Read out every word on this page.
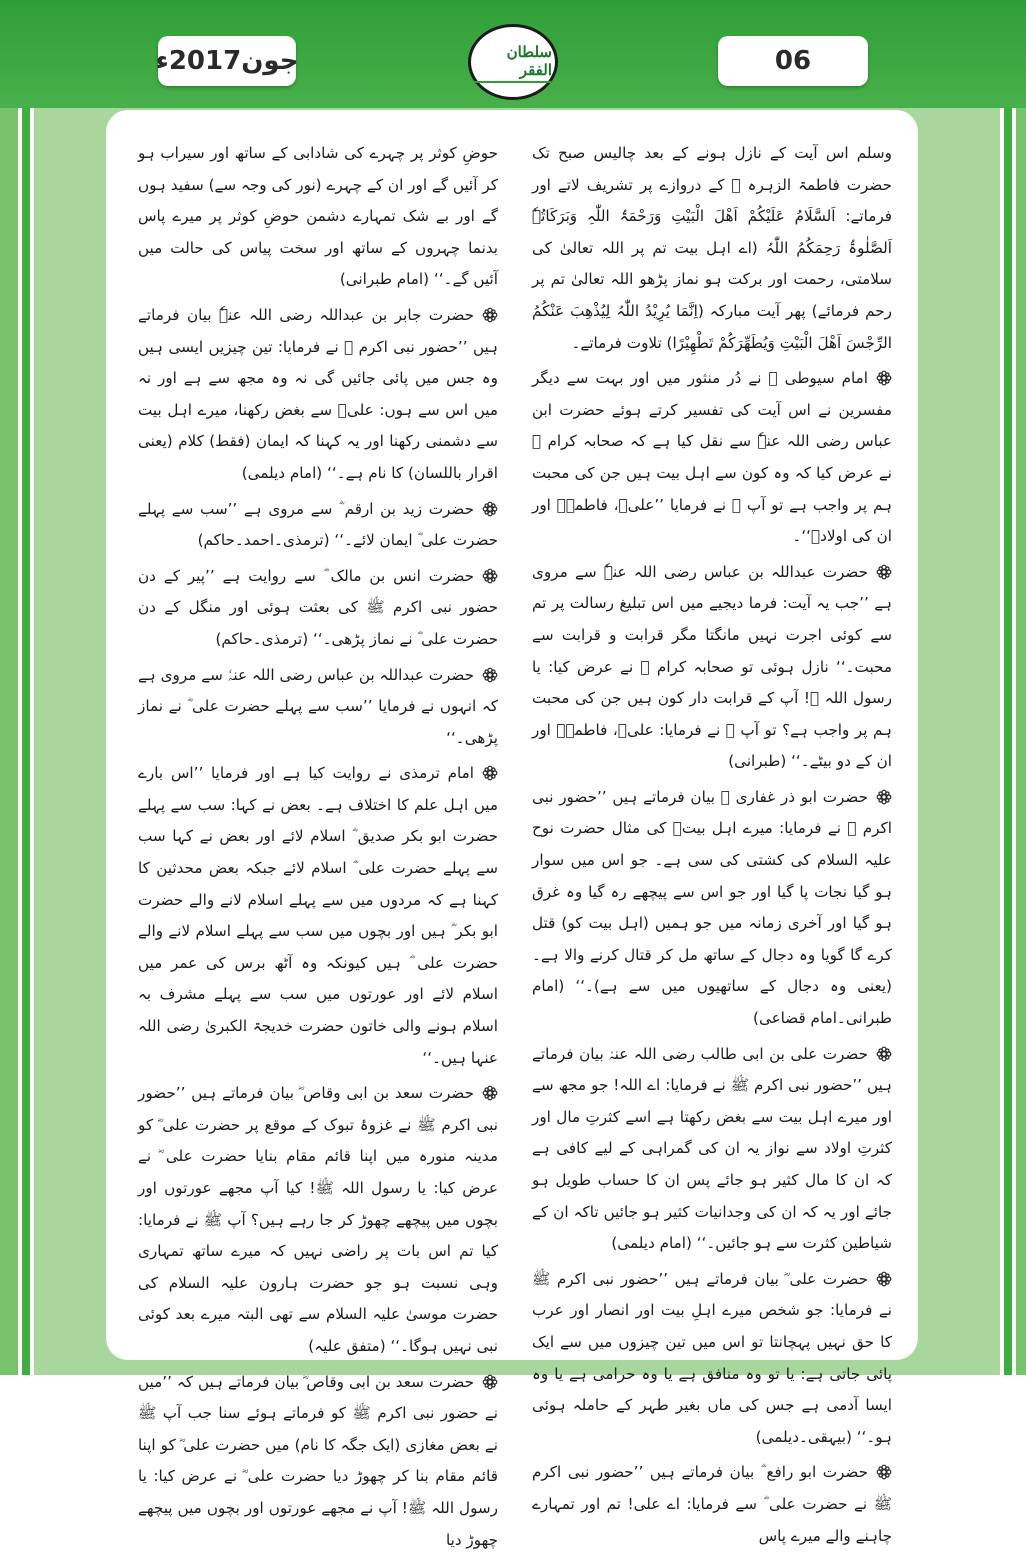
جون2017ء	سلطان الفقر	06

وسلم اس آیت کے نازل ہونے کے بعد چالیس صبح تک حضرت فاطمۃ الزہرہ ؓ کے دروازے پر تشریف لاتے اور فرماتے: اَلسَّلَامُ عَلَیْکُمْ اَھْلَ الْبَیْتِ وَرَحْمَۃُ اللّٰہِ وَبَرَکَاتُہٗ اَلصَّلٰوۃُ رَحِمَکُمُ اللّٰہُ (اے اہل بیت تم پر اللہ تعالیٰ کی سلامتی، رحمت اور برکت ہو نماز پڑھو اللہ تعالیٰ تم پر رحم فرمائے) پھر آیت مبارکہ (اِنَّمَا یُرِیْدُ اللّٰہُ لِیُذْھِبَ عَنْکُمُ الرِّجْسَ اَھْلَ الْبَیْتِ وَیُطَھِّرَکُمْ تَطْھِیْرًا) تلاوت فرماتے۔

امام سیوطی ؒ نے دُر منثور میں اور بہت سے دیگر مفسرین نے اس آیت کی تفسیر کرتے ہوئے حضرت ابن عباس رضی اللہ عنہٗ سے نقل کیا ہے کہ صحابہ کرام ؓ نے عرض کیا کہ وہ کون سے اہل بیت ہیں جن کی محبت ہم پر واجب ہے تو آپ ﷺ نے فرمایا ’’علیؓ، فاطمہؓ اور ان کی اولادؓ‘‘۔

حضرت عبداللہ بن عباس رضی اللہ عنہٗ سے مروی ہے ’’جب یہ آیت: فرما دیجیے میں اس تبلیغ رسالت پر تم سے کوئی اجرت نہیں مانگتا مگر قرابت و قرابت سے محبت۔‘‘ نازل ہوئی تو صحابہ کرام ؓ نے عرض کیا: یا رسول اللہ ﷺ! آپ کے قرابت دار کون ہیں جن کی محبت ہم پر واجب ہے؟ تو آپ ﷺ نے فرمایا: علیؓ، فاطمہؓ اور ان کے دو بیٹے۔‘‘ (طبرانی)

حضرت ابو ذر غفاری ؓ بیان فرماتے ہیں ’’حضور نبی اکرم ﷺ نے فرمایا: میرے اہل بیتؓ کی مثال حضرت نوح علیہ السلام کی کشتی کی سی ہے۔ جو اس میں سوار ہو گیا نجات پا گیا اور جو اس سے پیچھے رہ گیا وہ غرق ہو گیا اور آخری زمانہ میں جو ہمیں (اہل بیت کو) قتل کرے گا گویا وہ دجال کے ساتھ مل کر قتال کرنے والا ہے۔ (یعنی وہ دجال کے ساتھیوں میں سے ہے)۔‘‘ (امام طبرانی۔امام قضاعی)

حضرت علی بن ابی طالب رضی اللہ عنہٗ بیان فرماتے ہیں ’’حضور نبی اکرم ﷺ نے فرمایا: اے اللہ! جو مجھ سے اور میرے اہل بیت سے بغض رکھتا ہے اسے کثرتِ مال اور کثرتِ اولاد سے نواز یہ ان کی گمراہی کے لیے کافی ہے کہ ان کا مال کثیر ہو جائے پس ان کا حساب طویل ہو جائے اور یہ کہ ان کی وجدانیات کثیر ہو جائیں تاکہ ان کے شیاطین کثرت سے ہو جائیں۔‘‘ (امام دیلمی)

حضرت علی ؓ بیان فرماتے ہیں ’’حضور نبی اکرم ﷺ نے فرمایا: جو شخص میرے اہلِ بیت اور انصار اور عرب کا حق نہیں پہچانتا تو اس میں تین چیزوں میں سے ایک پائی جاتی ہے: یا تو وہ منافق ہے یا وہ حرامی ہے یا وہ ایسا آدمی ہے جس کی ماں بغیر طہر کے حاملہ ہوئی ہو۔‘‘ (بیہقی۔دیلمی)

حضرت ابو رافع ؓ بیان فرماتے ہیں ’’حضور نبی اکرم ﷺ نے حضرت علی ؓ سے فرمایا: اے علی! تم اور تمہارے چاہنے والے میرے پاس

حوضِ کوثر پر چہرے کی شادابی کے ساتھ اور سیراب ہو کر آئیں گے اور ان کے چہرے (نور کی وجہ سے) سفید ہوں گے اور بے شک تمہارے دشمن حوضِ کوثر پر میرے پاس بدنما چہروں کے ساتھ اور سخت پیاس کی حالت میں آئیں گے۔‘‘ (امام طبرانی)

حضرت جابر بن عبداللہ رضی اللہ عنہٗ بیان فرماتے ہیں ’’حضور نبی اکرم ﷺ نے فرمایا: تین چیزیں ایسی ہیں وہ جس میں پائی جائیں گی نہ وہ مجھ سے ہے اور نہ میں اس سے ہوں: علیؓ سے بغض رکھنا، میرے اہل بیت سے دشمنی رکھنا اور یہ کہنا کہ ایمان (فقط) کلام (یعنی اقرار باللسان) کا نام ہے۔‘‘ (امام دیلمی)

حضرت زید بن ارقم ؓ سے مروی ہے ’’سب سے پہلے حضرت علی ؓ ایمان لائے۔‘‘ (ترمذی۔احمد۔حاکم)

حضرت انس بن مالک ؓ سے روایت ہے ’’پیر کے دن حضور نبی اکرم ﷺ کی بعثت ہوئی اور منگل کے دن حضرت علی ؓ نے نماز پڑھی۔‘‘ (ترمذی۔حاکم)

حضرت عبداللہ بن عباس رضی اللہ عنہٗ سے مروی ہے کہ انہوں نے فرمایا ’’سب سے پہلے حضرت علی ؓ نے نماز پڑھی۔‘‘

امام ترمذی نے روایت کیا ہے اور فرمایا ’’اس بارے میں اہل علم کا اختلاف ہے۔ بعض نے کہا: سب سے پہلے حضرت ابو بکر صدیق ؓ اسلام لائے اور بعض نے کہا سب سے پہلے حضرت علی ؓ اسلام لائے جبکہ بعض محدثین کا کہنا ہے کہ مردوں میں سے پہلے اسلام لانے والے حضرت ابو بکر ؓ ہیں اور بچوں میں سب سے پہلے اسلام لانے والے حضرت علی ؓ ہیں کیونکہ وہ آٹھ برس کی عمر میں اسلام لائے اور عورتوں میں سب سے پہلے مشرف بہ اسلام ہونے والی خاتون حضرت خدیجۃ الکبریٰ رضی اللہ عنہا ہیں۔‘‘

حضرت سعد بن ابی وقاص ؓ بیان فرماتے ہیں ’’حضور نبی اکرم ﷺ نے غزوۂ تبوک کے موقع پر حضرت علی ؓ کو مدینہ منورہ میں اپنا قائم مقام بنایا حضرت علی ؓ نے عرض کیا: یا رسول اللہ ﷺ! کیا آپ مجھے عورتوں اور بچوں میں پیچھے چھوڑ کر جا رہے ہیں؟ آپ ﷺ نے فرمایا: کیا تم اس بات پر راضی نہیں کہ میرے ساتھ تمہاری وہی نسبت ہو جو حضرت ہارون علیہ السلام کی حضرت موسیٰ علیہ السلام سے تھی البتہ میرے بعد کوئی نبی نہیں ہوگا۔‘‘ (متفق علیہ)

حضرت سعد بن ابی وقاص ؓ بیان فرماتے ہیں کہ ’’میں نے حضور نبی اکرم ﷺ کو فرماتے ہوئے سنا جب آپ ﷺ نے بعض مغازی (ایک جگہ کا نام) میں حضرت علی ؓ کو اپنا قائم مقام بنا کر چھوڑ دیا حضرت علی ؓ نے عرض کیا: یا رسول اللہ ﷺ! آپ نے مجھے عورتوں اور بچوں میں پیچھے چھوڑ دیا
